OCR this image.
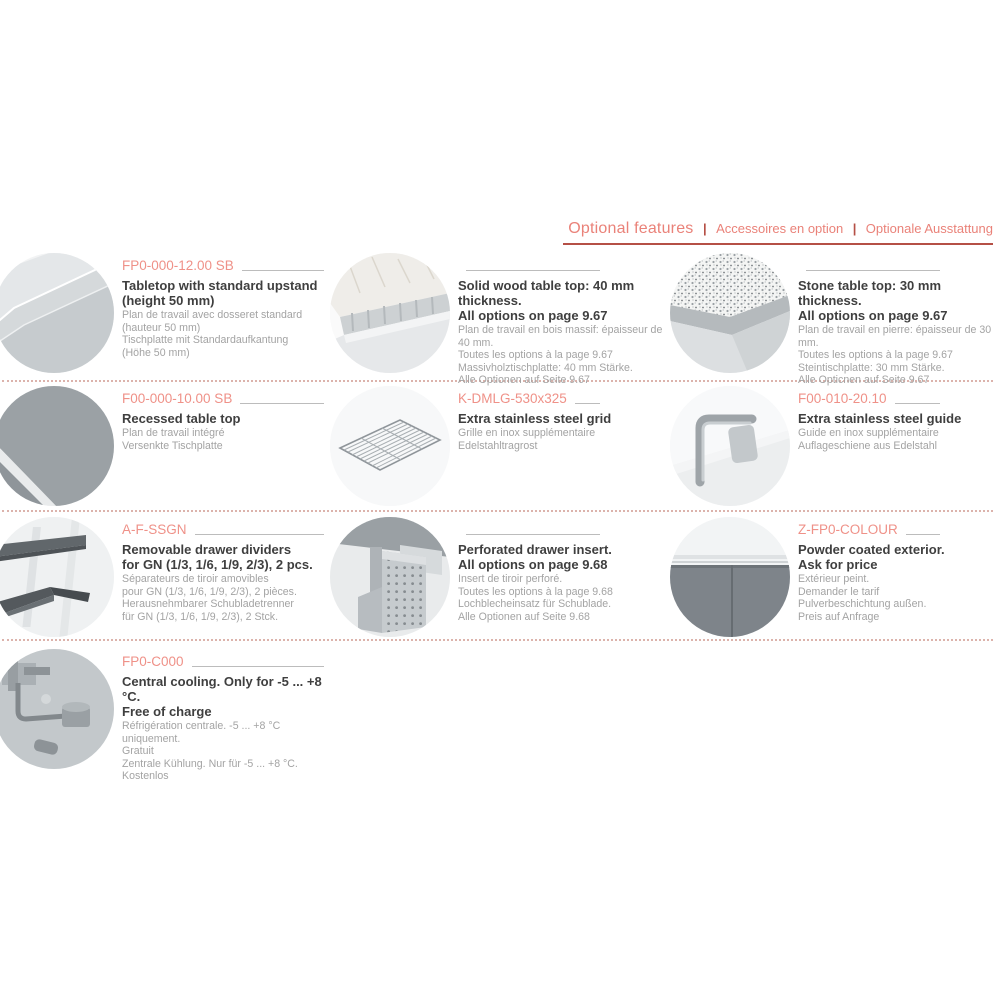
Optional features | Accessoires en option | Optionale Ausstattung
FP0-000-12.00 SB
Tabletop with standard upstand
(height 50 mm)
Plan de travail avec dosseret standard
(hauteur 50 mm)
Tischplatte mit Standardaufkantung
(Höhe 50 mm)
Solid wood table top: 40 mm thickness.
All options on page 9.67
Plan de travail en bois massif: épaisseur de 40 mm.
Toutes les options à la page 9.67
Massivholztischplatte: 40 mm Stärke.
Alle Optionen auf Seite 9.67
Stone table top: 30 mm thickness.
All options on page 9.67
Plan de travail en pierre: épaisseur de 30 mm.
Toutes les options à la page 9.67
Steintischplatte: 30 mm Stärke.
Alle Opticnen auf Seite 9.67
F00-000-10.00 SB
Recessed table top
Plan de travail intégré
Versenkte Tischplatte
K-DMLG-530x325
Extra stainless steel grid
Grille en inox supplémentaire
Edelstahltragrost
F00-010-20.10
Extra stainless steel guide
Guide en inox supplémentaire
Auflageschiene aus Edelstahl
A-F-SSGN
Removable drawer dividers
for GN (1/3, 1/6, 1/9, 2/3), 2 pcs.
Séparateurs de tiroir amovibles
pour GN (1/3, 1/6, 1/9, 2/3), 2 pièces.
Herausnehmbarer Schubladetrenner
für GN (1/3, 1/6, 1/9, 2/3), 2 Stck.
Perforated drawer insert.
All options on page 9.68
Insert de tiroir perforé.
Toutes les options à la page 9.68
Lochblecheinsatz für Schublade.
Alle Optionen auf Seite 9.68
Z-FP0-COLOUR
Powder coated exterior.
Ask for price
Extérieur peint.
Demander le tarif
Pulverbeschichtung außen.
Preis auf Anfrage
FP0-C000
Central cooling. Only for -5 ... +8 °C.
Free of charge
Réfrigération centrale. -5 ... +8 °C uniquement.
Gratuit
Zentrale Kühlung. Nur für -5 ... +8 °C.
Kostenlos
